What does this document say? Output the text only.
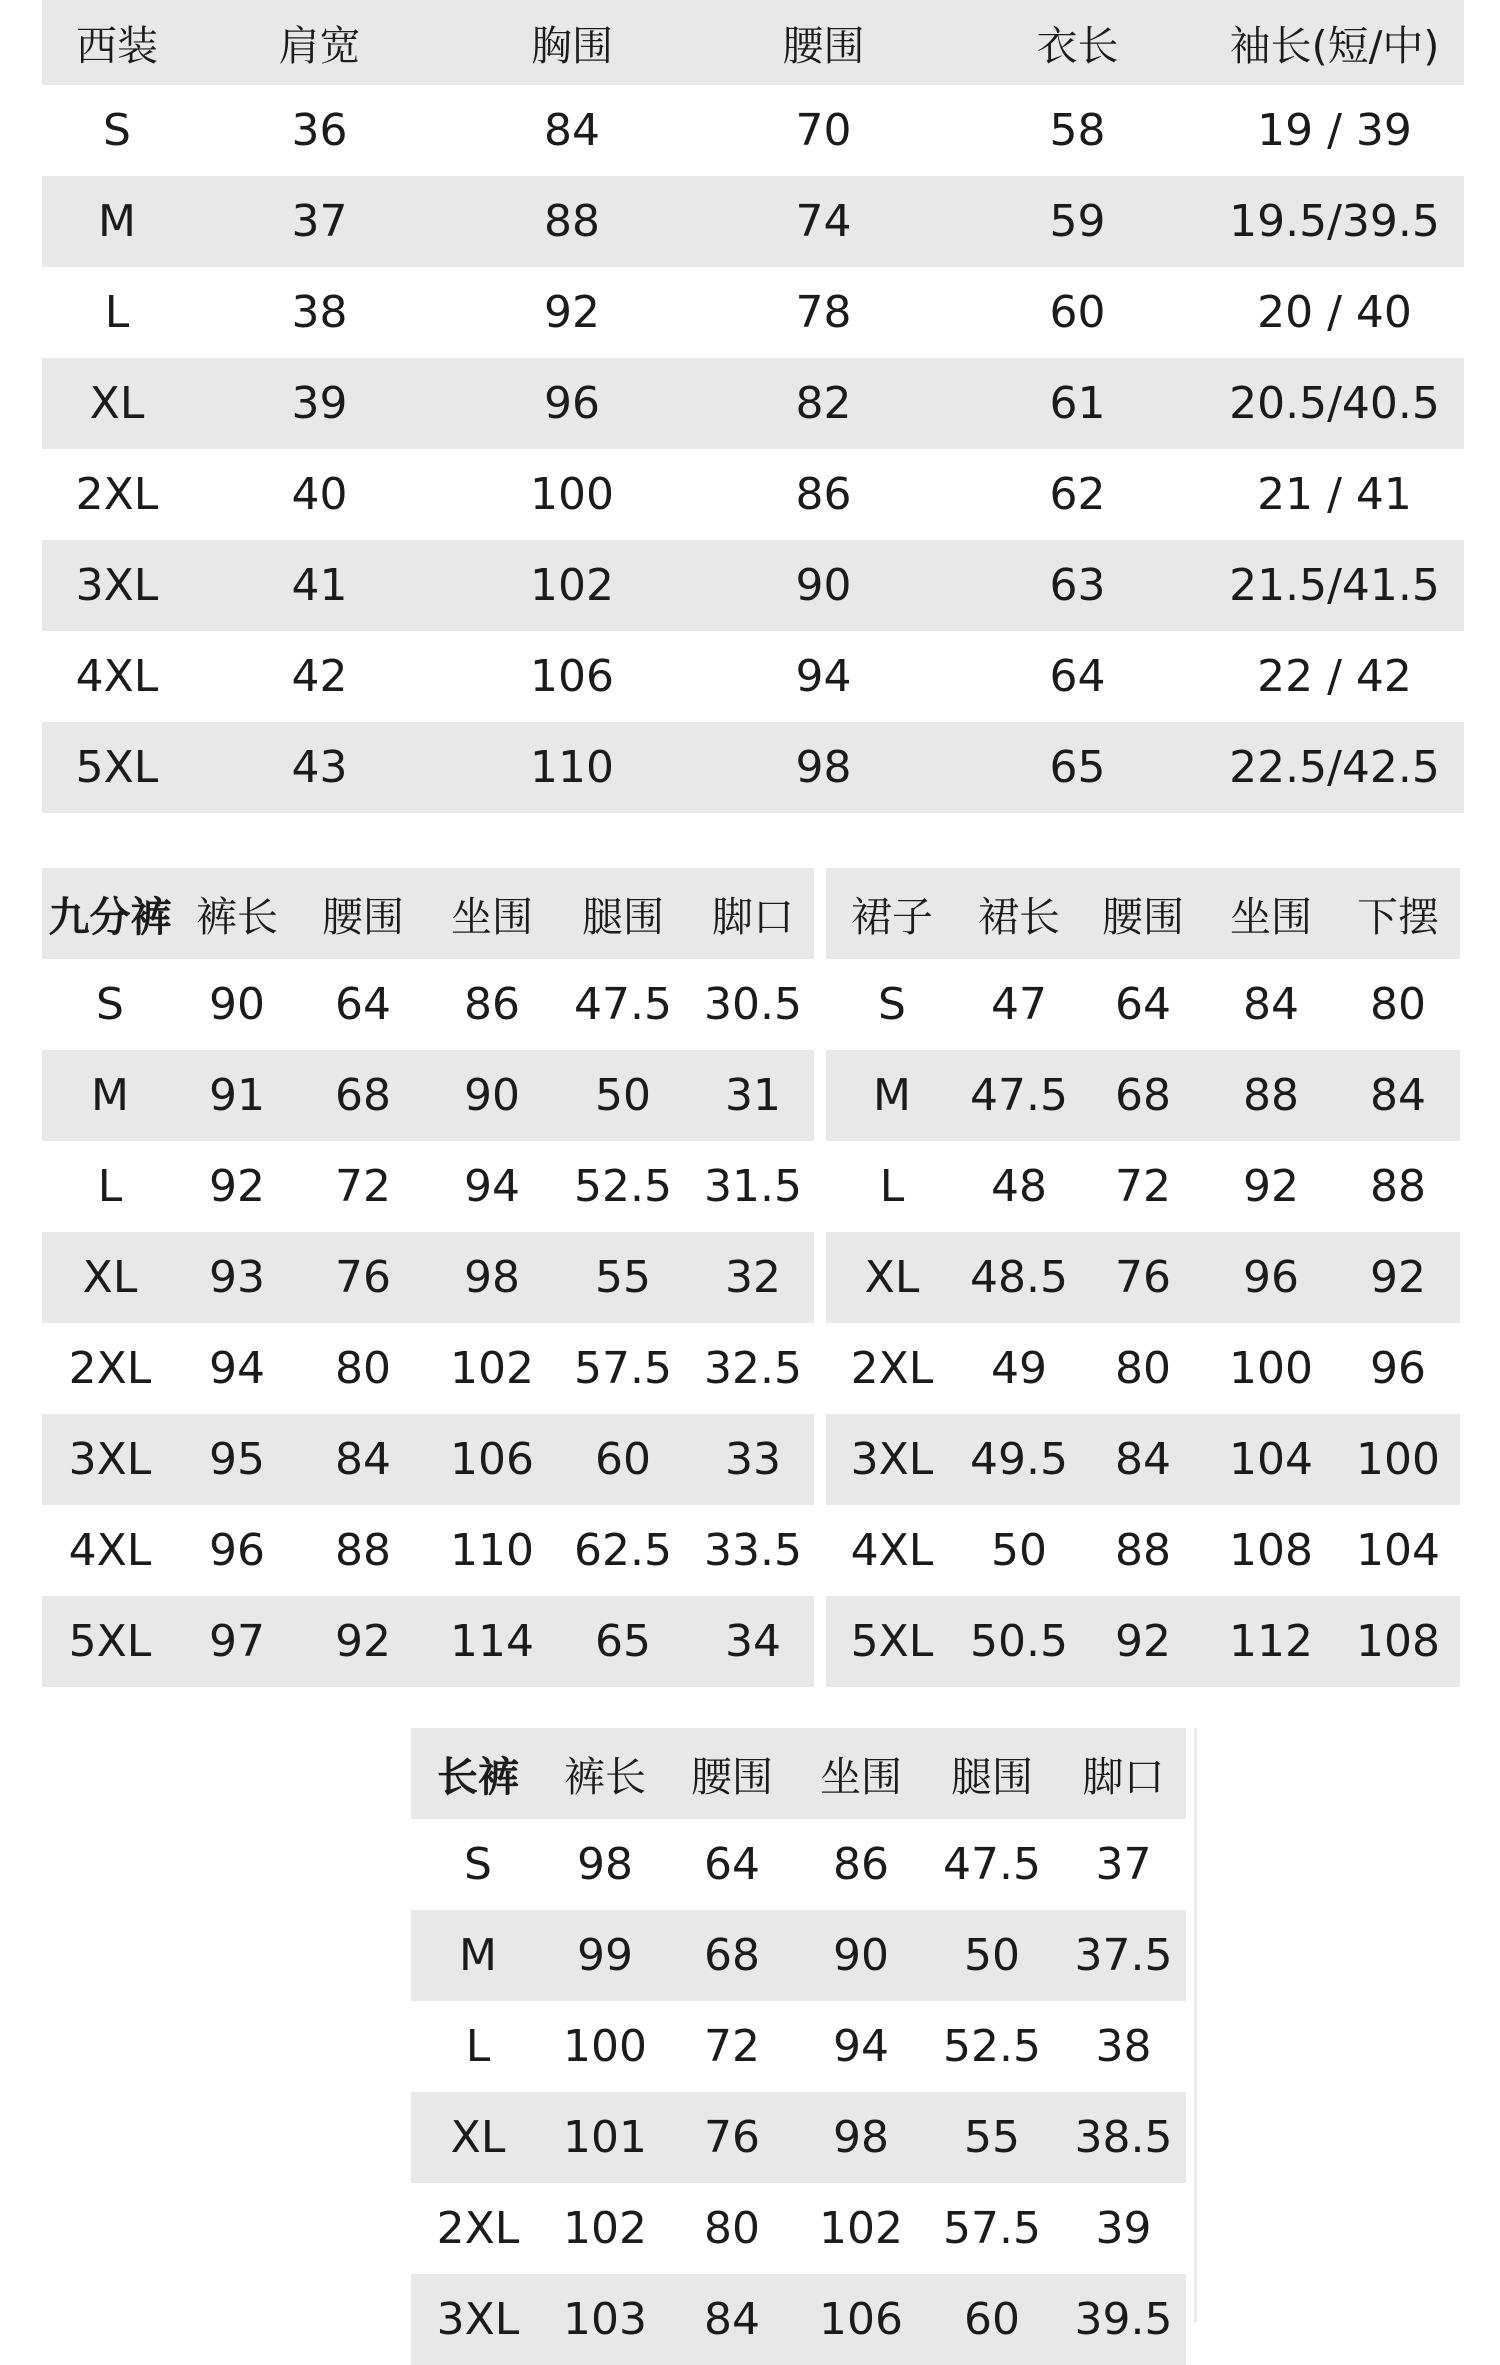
西装	肩宽	胸围	腰围	衣长	袖长(短/中)
S	36	84	70	58	19 / 39
M	37	88	74	59	19.5/39.5
L	38	92	78	60	20 / 40
XL	39	96	82	61	20.5/40.5
2XL	40	100	86	62	21 / 41
3XL	41	102	90	63	21.5/41.5
4XL	42	106	94	64	22 / 42
5XL	43	110	98	65	22.5/42.5
九分裤	裤长	腰围	坐围	腿围	脚口
S	90	64	86	47.5	30.5
M	91	68	90	50	31
L	92	72	94	52.5	31.5
XL	93	76	98	55	32
2XL	94	80	102	57.5	32.5
3XL	95	84	106	60	33
4XL	96	88	110	62.5	33.5
5XL	97	92	114	65	34
裙子	裙长	腰围	坐围	下摆
S	47	64	84	80
M	47.5	68	88	84
L	48	72	92	88
XL	48.5	76	96	92
2XL	49	80	100	96
3XL	49.5	84	104	100
4XL	50	88	108	104
5XL	50.5	92	112	108
长裤	裤长	腰围	坐围	腿围	脚口
S	98	64	86	47.5	37
M	99	68	90	50	37.5
L	100	72	94	52.5	38
XL	101	76	98	55	38.5
2XL	102	80	102	57.5	39
3XL	103	84	106	60	39.5
